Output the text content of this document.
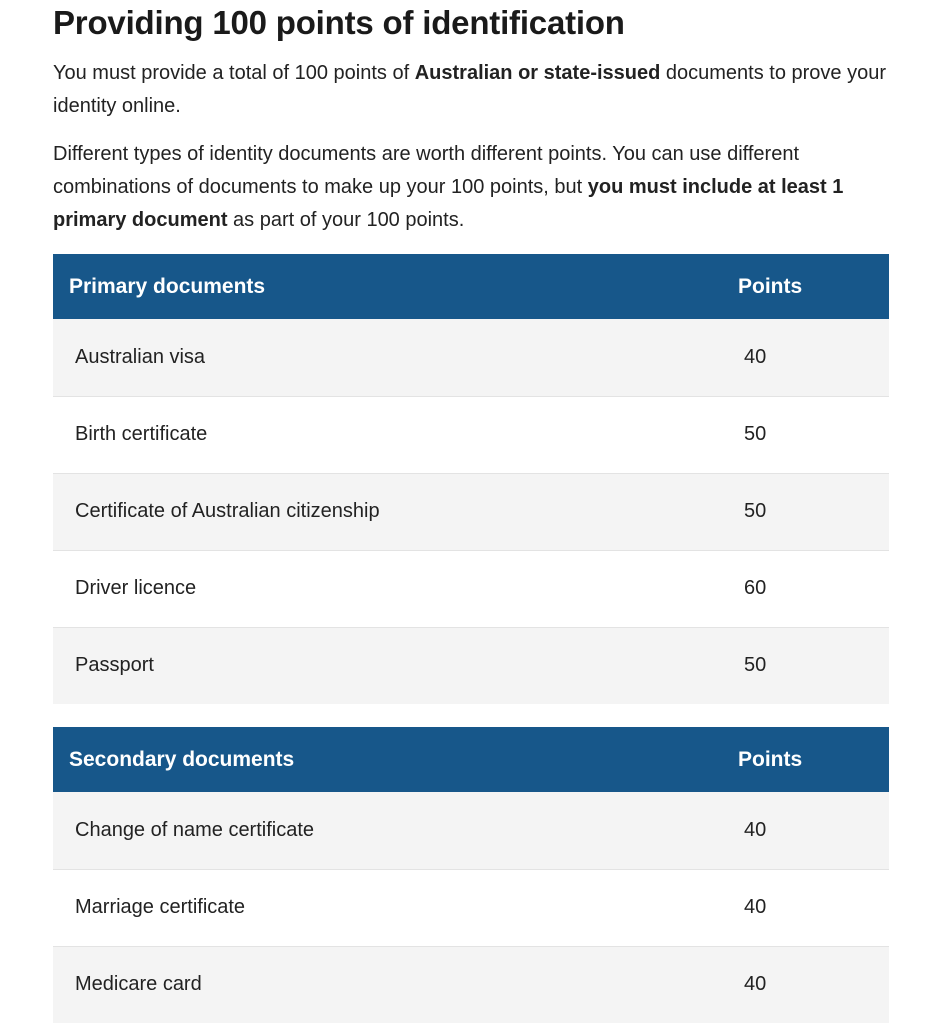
Providing 100 points of identification

You must provide a total of 100 points of Australian or state-issued documents to prove your identity online.

Different types of identity documents are worth different points. You can use different combinations of documents to make up your 100 points, but you must include at least 1 primary document as part of your 100 points.

Primary documents	Points
Australian visa	40
Birth certificate	50
Certificate of Australian citizenship	50
Driver licence	60
Passport	50
Secondary documents	Points
Change of name certificate	40
Marriage certificate	40
Medicare card	40
